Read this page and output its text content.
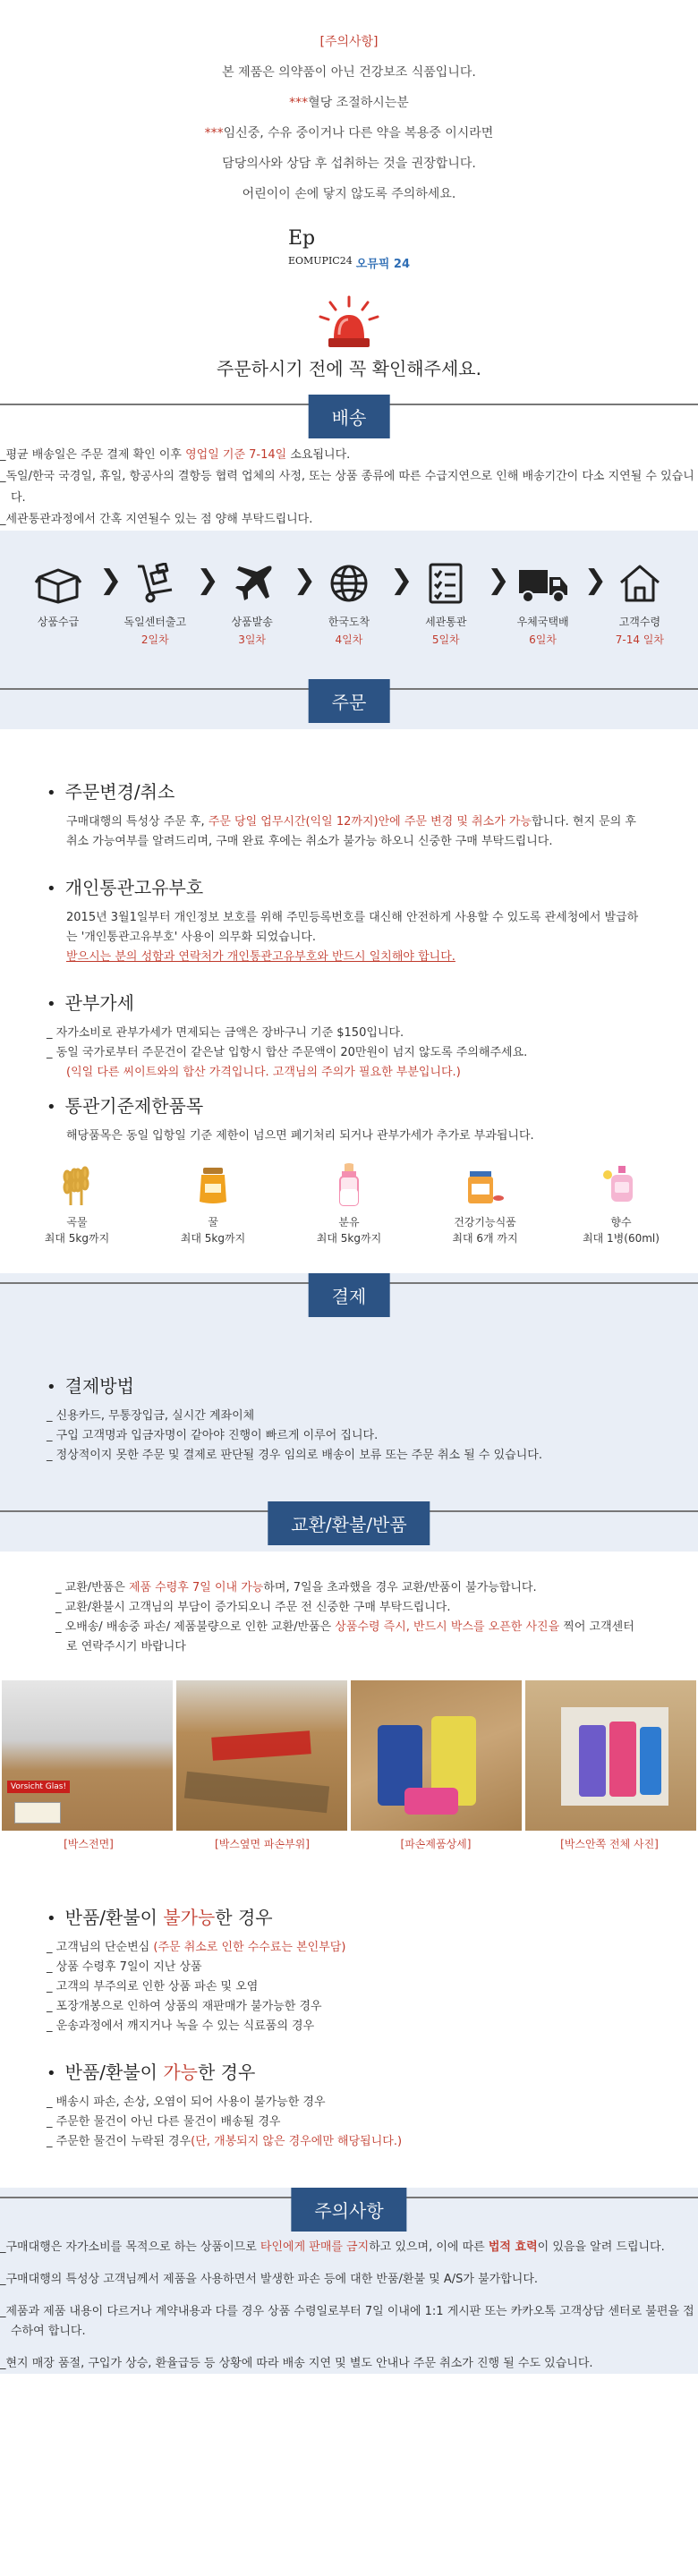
[주의사항]
본 제품은 의약품이 아닌 건강보조 식품입니다.
***혈당 조절하시는분
***임신중, 수유 중이거나 다른 약을 복용중 이시라면
담당의사와 상담 후 섭취하는 것을 권장합니다.
어린이이 손에 닿지 않도록 주의하세요.
Ep
EOMUPIC24 오뮤픽 24
주문하시기 전에 꼭 확인해주세요.
배송
_평균 배송일은 주문 결제 확인 이후 영업일 기준 7-14일 소요됩니다.
_독일/한국 국경일, 휴일, 항공사의 결항등 협력 업체의 사정, 또는 상품 종류에 따른 수급지연으로 인해 배송기간이 다소 지연될 수 있습니다.
_세관통관과정에서 간혹 지연될수 있는 점 양해 부탁드립니다.
상품수급
❯
독일센터출고
2일차
❯
상품발송
3일차
❯
한국도착
4일차
❯
세관통관
5일차
❯
우체국택배
6일차
❯
고객수령
7-14 일차
주문
• 주문변경/취소
구매대행의 특성상 주문 후, 주문 당일 업무시간(익일 12까지)안에 주문 변경 및 취소가 가능합니다. 현지 문의 후 취소 가능여부를 알려드리며, 구매 완료 후에는 취소가 불가능 하오니 신중한 구매 부탁드립니다.
• 개인통관고유부호
2015년 3월1일부터 개인정보 보호를 위해 주민등록번호를 대신해 안전하게 사용할 수 있도록 관세청에서 발급하는 '개인통관고유부호' 사용이 의무화 되었습니다.
받으시는 분의 성함과 연락처가 개인통관고유부호와 반드시 일치해야 합니다.
• 관부가세
_ 자가소비로 관부가세가 면제되는 금액은 장바구니 기준 $150입니다.
_ 동일 국가로부터 주문건이 같은날 입항시 합산 주문액이 20만원이 넘지 않도록 주의해주세요.
(익일 다른 씨이트와의 합산 가격입니다. 고객님의 주의가 필요한 부분입니다.)
• 통관기준제한품목
해당품목은 동일 입항일 기준 제한이 넘으면 폐기처리 되거나 관부가세가 추가로 부과됩니다.
곡물
최대 5kg까지
꿀
최대 5kg까지
분유
최대 5kg까지
건강기능식품
최대 6개 까지
향수
최대 1병(60ml)
결제
• 결제방법
_ 신용카드, 무통장입금, 실시간 계좌이체
_ 구입 고객명과 입금자명이 같아야 진행이 빠르게 이루어 집니다.
_ 정상적이지 못한 주문 및 결제로 판단될 경우 임의로 배송이 보류 또는 주문 취소 될 수 있습니다.
교환/환불/반품
_ 교환/반품은 제품 수령후 7일 이내 가능하며, 7일을 초과했을 경우 교환/반품이 불가능합니다.
_ 교환/환불시 고객님의 부담이 증가되오니 주문 전 신중한 구매 부탁드립니다.
_ 오배송/ 배송중 파손/ 제품불량으로 인한 교환/반품은 상품수령 즉시, 반드시 박스를 오픈한 사진을 찍어 고객센터로 연락주시기 바랍니다
Vorsicht Glas!
[박스전면]	[박스옆면 파손부위]	[파손제품상세]	[박스안쪽 전체 사진]
• 반품/환불이 불가능한 경우
_ 고객님의 단순변심 (주문 취소로 인한 수수료는 본인부담)
_ 상품 수령후 7일이 지난 상품
_ 고객의 부주의로 인한 상품 파손 및 오염
_ 포장개봉으로 인하여 상품의 재판매가 불가능한 경우
_ 운송과정에서 깨지거나 녹을 수 있는 식료품의 경우
• 반품/환불이 가능한 경우
_ 배송시 파손, 손상, 오염이 되어 사용이 불가능한 경우
_ 주문한 물건이 아닌 다른 물건이 배송될 경우
_ 주문한 물건이 누락된 경우(단, 개봉되지 않은 경우에만 해당됩니다.)
주의사항
_구매대행은 자가소비를 목적으로 하는 상품이므로 타인에게 판매를 금지하고 있으며, 이에 따른 법적 효력이 있음을 알려 드립니다.
_구매대행의 특성상 고객님께서 제품을 사용하면서 발생한 파손 등에 대한 반품/환불 및 A/S가 불가합니다.
_제품과 제품 내용이 다르거나 계약내용과 다를 경우 상품 수령일로부터 7일 이내에 1:1 게시판 또는 카카오톡 고객상담 센터로 불편을 접수하여 합니다.
_현지 매장 품절, 구입가 상승, 환율급등 등 상황에 따라 배송 지연 및 별도 안내나 주문 취소가 진행 될 수도 있습니다.
